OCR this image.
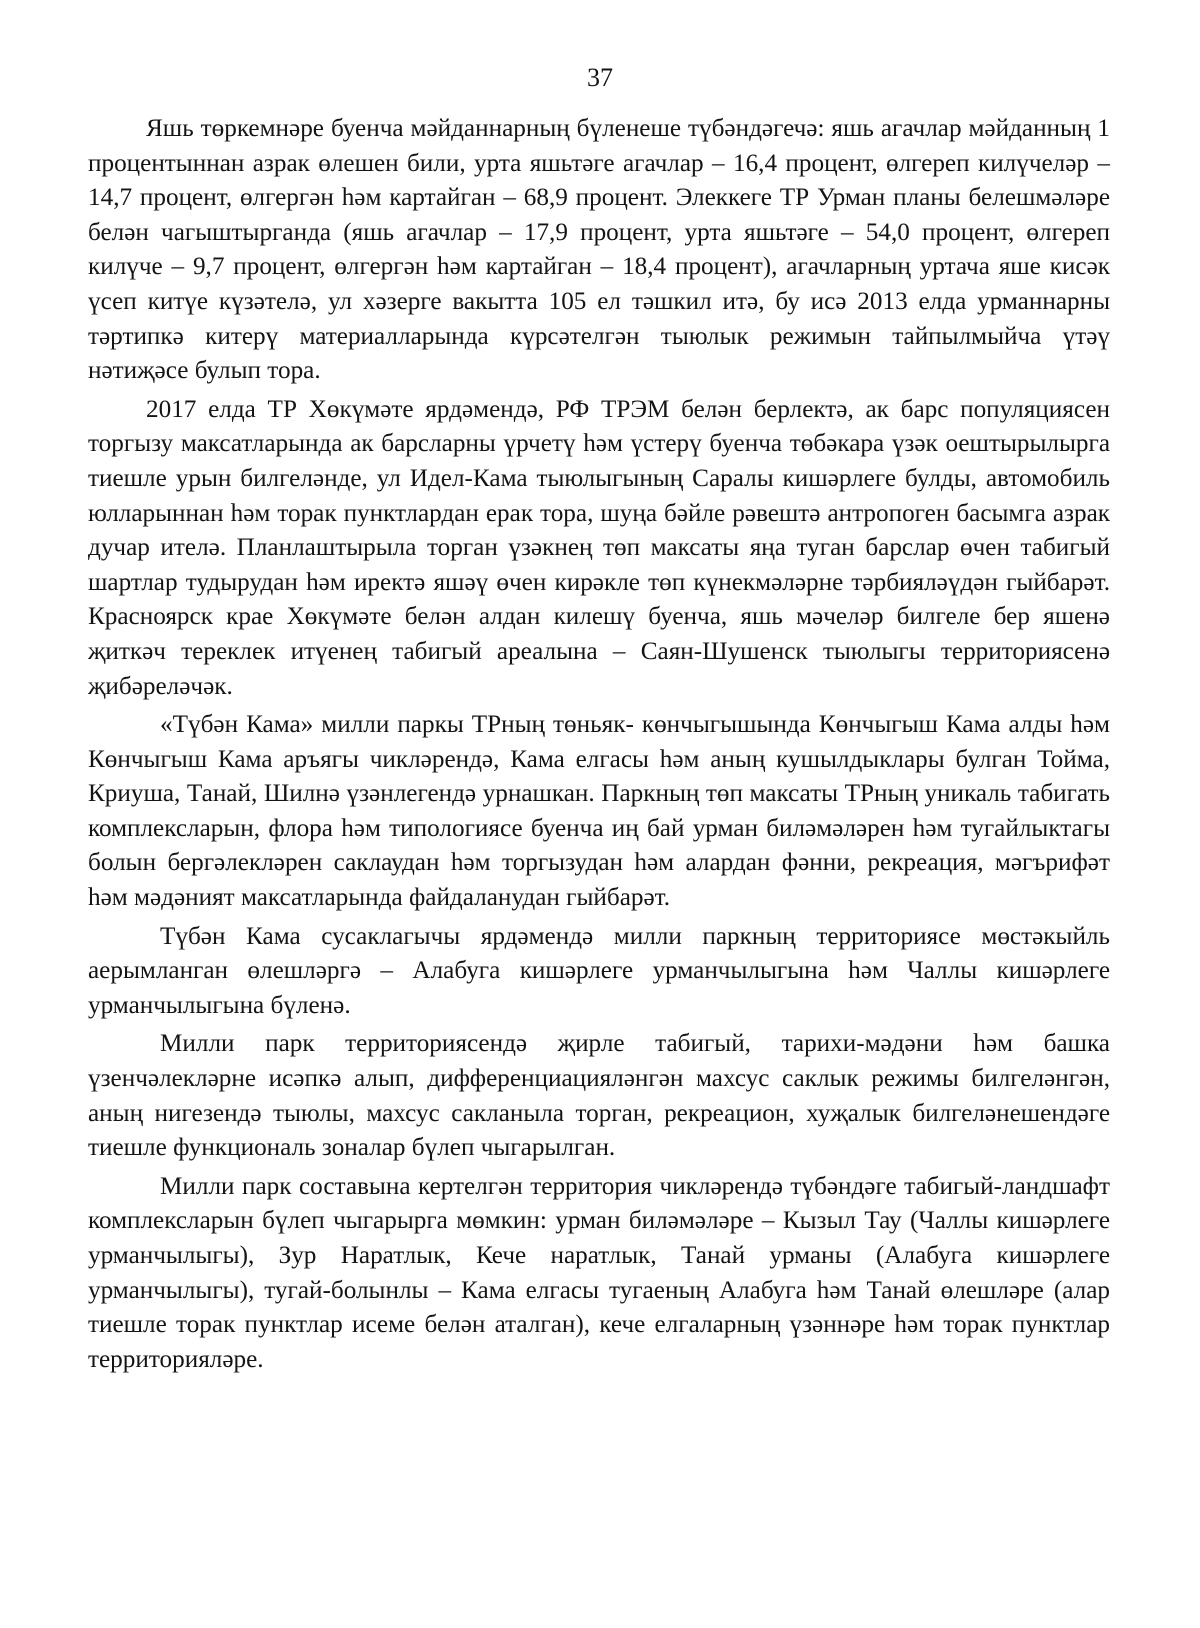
37

Яшь төркемнәре буенча мәйданнарның бүленеше түбәндәгечә: яшь агачлар мәйданның 1 процентыннан азрак өлешен били, урта яшьтәге агачлар – 16,4 процент, өлгереп килүчеләр – 14,7 процент, өлгергән һәм картайган – 68,9 процент. Элеккеге ТР Урман планы белешмәләре белән чагыштырганда (яшь агачлар – 17,9 процент, урта яшьтәге – 54,0 процент, өлгереп килүче – 9,7 процент, өлгергән һәм картайган – 18,4 процент), агачларның уртача яше кисәк үсеп китүе күзәтелә, ул хәзерге вакытта 105 ел тәшкил итә, бу исә 2013 елда урманнарны тәртипкә китерү материалларында күрсәтелгән тыюлык режимын тайпылмыйча үтәү нәтиҗәсе булып тора.

2017 елда ТР Хөкүмәте ярдәмендә, РФ ТРЭМ белән берлектә, ак барс популяциясен торгызу максатларында ак барсларны үрчетү һәм үстерү буенча төбәкара үзәк оештырылырга тиешле урын билгеләнде, ул Идел-Кама тыюлыгының Саралы кишәрлеге булды, автомобиль юлларыннан һәм торак пунктлардан ерак тора, шуңа бәйле рәвештә антропоген басымга азрак дучар ителә. Планлаштырыла торган үзәкнең төп максаты яңа туган барслар өчен табигый шартлар тудырудан һәм иректә яшәү өчен кирәкле төп күнекмәләрне тәрбияләүдән гыйбарәт. Красноярск крае Хөкүмәте белән алдан килешү буенча, яшь мәчеләр билгеле бер яшенә җиткәч тереклек итүенең табигый ареалына – Саян-Шушенск тыюлыгы территориясенә җибәреләчәк.

«Түбән Кама» милли паркы ТРның төньяк- көнчыгышында Көнчыгыш Кама алды һәм Көнчыгыш Кама аръягы чикләрендә, Кама елгасы һәм аның кушылдыклары булган Тойма, Криуша, Танай, Шилнә үзәнлегендә урнашкан. Паркның төп максаты ТРның уникаль табигать комплексларын, флора һәм типологиясе буенча иң бай урман биләмәләрен һәм тугайлыктагы болын бергәлекләрен саклаудан һәм торгызудан һәм алардан фәнни, рекреация, мәгърифәт һәм мәдәният максатларында файдаланудан гыйбарәт.

Түбән Кама сусаклагычы ярдәмендә милли паркның территориясе мөстәкыйль аерымланган өлешләргә – Алабуга кишәрлеге урманчылыгына һәм Чаллы кишәрлеге урманчылыгына бүленә.

Милли парк территориясендә җирле табигый, тарихи-мәдәни һәм башка үзенчәлекләрне исәпкә алып, дифференциацияләнгән махсус саклык режимы билгеләнгән, аның нигезендә тыюлы, махсус сакланыла торган, рекреацион, хуҗалык билгеләнешендәге тиешле функциональ зоналар бүлеп чыгарылган.

Милли парк составына кертелгән территория чикләрендә түбәндәге табигый-ландшафт комплексларын бүлеп чыгарырга мөмкин: урман биләмәләре – Кызыл Тау (Чаллы кишәрлеге урманчылыгы), Зур Наратлык, Кече наратлык, Танай урманы (Алабуга кишәрлеге урманчылыгы), тугай-болынлы – Кама елгасы тугаеның Алабуга һәм Танай өлешләре (алар тиешле торак пунктлар исеме белән аталган), кече елгаларның үзәннәре һәм торак пунктлар территорияләре.
